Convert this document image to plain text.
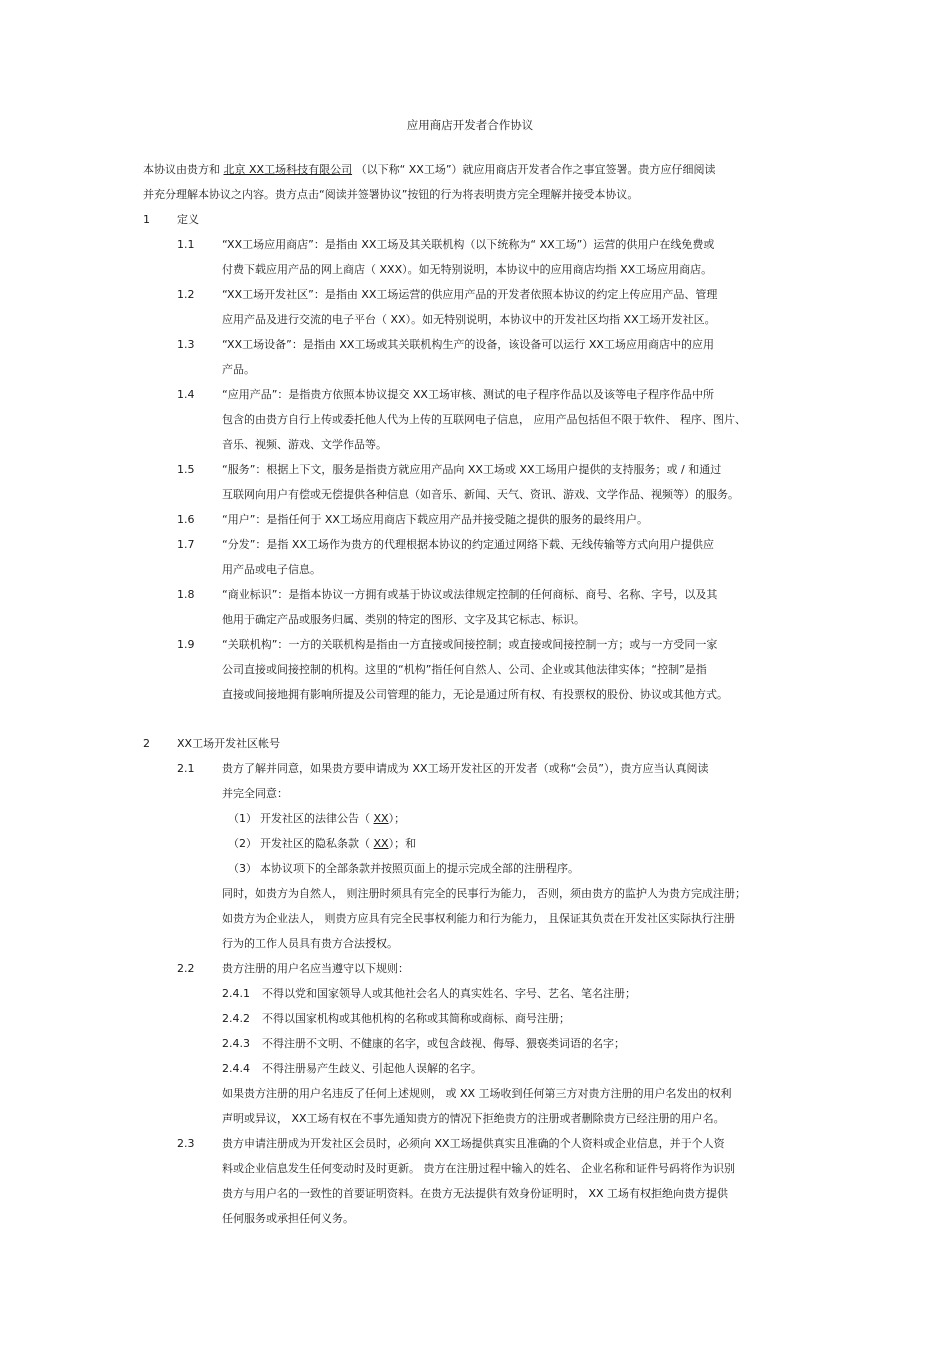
应用商店开发者合作协议
本协议由贵方和 北京 XX工场科技有限公司 （以下称“ XX工场”）就应用商店开发者合作之事宜签署。贵方应仔细阅读
并充分理解本协议之内容。贵方点击“阅读并签署协议”按钮的行为将表明贵方完全理解并接受本协议。
1 定义
1.1	“XX工场应用商店”：是指由 XX工场及其关联机构（以下统称为“ XX工场”）运营的供用户在线免费或
付费下载应用产品的网上商店（ XXX）。如无特别说明，本协议中的应用商店均指 XX工场应用商店。
1.2	“XX工场开发社区”：是指由 XX工场运营的供应用产品的开发者依照本协议的约定上传应用产品、管理
应用产品及进行交流的电子平台（ XX）。如无特别说明，本协议中的开发社区均指 XX工场开发社区。
1.3	“XX工场设备”：是指由 XX工场或其关联机构生产的设备，该设备可以运行 XX工场应用商店中的应用
产品。
1.4	“应用产品”：是指贵方依照本协议提交 XX工场审核、测试的电子程序作品以及该等电子程序作品中所
包含的由贵方自行上传或委托他人代为上传的互联网电子信息， 应用产品包括但不限于软件、 程序、图片、
音乐、视频、游戏、文学作品等。
1.5	“服务”：根据上下文，服务是指贵方就应用产品向 XX工场或 XX工场用户提供的支持服务；或 / 和通过
互联网向用户有偿或无偿提供各种信息（如音乐、新闻、天气、资讯、游戏、文学作品、视频等）的服务。
1.6	“用户”：是指任何于 XX工场应用商店下载应用产品并接受随之提供的服务的最终用户。
1.7	“分发”：是指 XX工场作为贵方的代理根据本协议的约定通过网络下载、无线传输等方式向用户提供应
用产品或电子信息。
1.8	“商业标识”：是指本协议一方拥有或基于协议或法律规定控制的任何商标、商号、名称、字号，以及其
他用于确定产品或服务归属、类别的特定的图形、文字及其它标志、标识。
1.9	“关联机构”：一方的关联机构是指由一方直接或间接控制；或直接或间接控制一方；或与一方受同一家
公司直接或间接控制的机构。这里的“机构”指任何自然人、公司、企业或其他法律实体；“控制”是指
直接或间接地拥有影响所提及公司管理的能力，无论是通过所有权、有投票权的股份、协议或其他方式。
2 XX工场开发社区帐号
2.1	贵方了解并同意，如果贵方要申请成为 XX工场开发社区的开发者（或称“会员”），贵方应当认真阅读
并完全同意：
（1） 开发社区的法律公告（ XX）；
（2） 开发社区的隐私条款（ XX）；和
（3） 本协议项下的全部条款并按照页面上的提示完成全部的注册程序。
同时，如贵方为自然人， 则注册时须具有完全的民事行为能力， 否则，须由贵方的监护人为贵方完成注册；
如贵方为企业法人， 则贵方应具有完全民事权利能力和行为能力， 且保证其负责在开发社区实际执行注册
行为的工作人员具有贵方合法授权。
2.2	贵方注册的用户名应当遵守以下规则：
2.4.1 不得以党和国家领导人或其他社会名人的真实姓名、字号、艺名、笔名注册；
2.4.2 不得以国家机构或其他机构的名称或其简称或商标、商号注册；
2.4.3 不得注册不文明、不健康的名字，或包含歧视、侮辱、猥亵类词语的名字；
2.4.4 不得注册易产生歧义、引起他人误解的名字。
如果贵方注册的用户名违反了任何上述规则， 或 XX 工场收到任何第三方对贵方注册的用户名发出的权利
声明或异议， XX工场有权在不事先通知贵方的情况下拒绝贵方的注册或者删除贵方已经注册的用户名。
2.3	贵方申请注册成为开发社区会员时，必须向 XX工场提供真实且准确的个人资料或企业信息，并于个人资
料或企业信息发生任何变动时及时更新。 贵方在注册过程中输入的姓名、 企业名称和证件号码将作为识别
贵方与用户名的一致性的首要证明资料。在贵方无法提供有效身份证明时， XX 工场有权拒绝向贵方提供
任何服务或承担任何义务。
